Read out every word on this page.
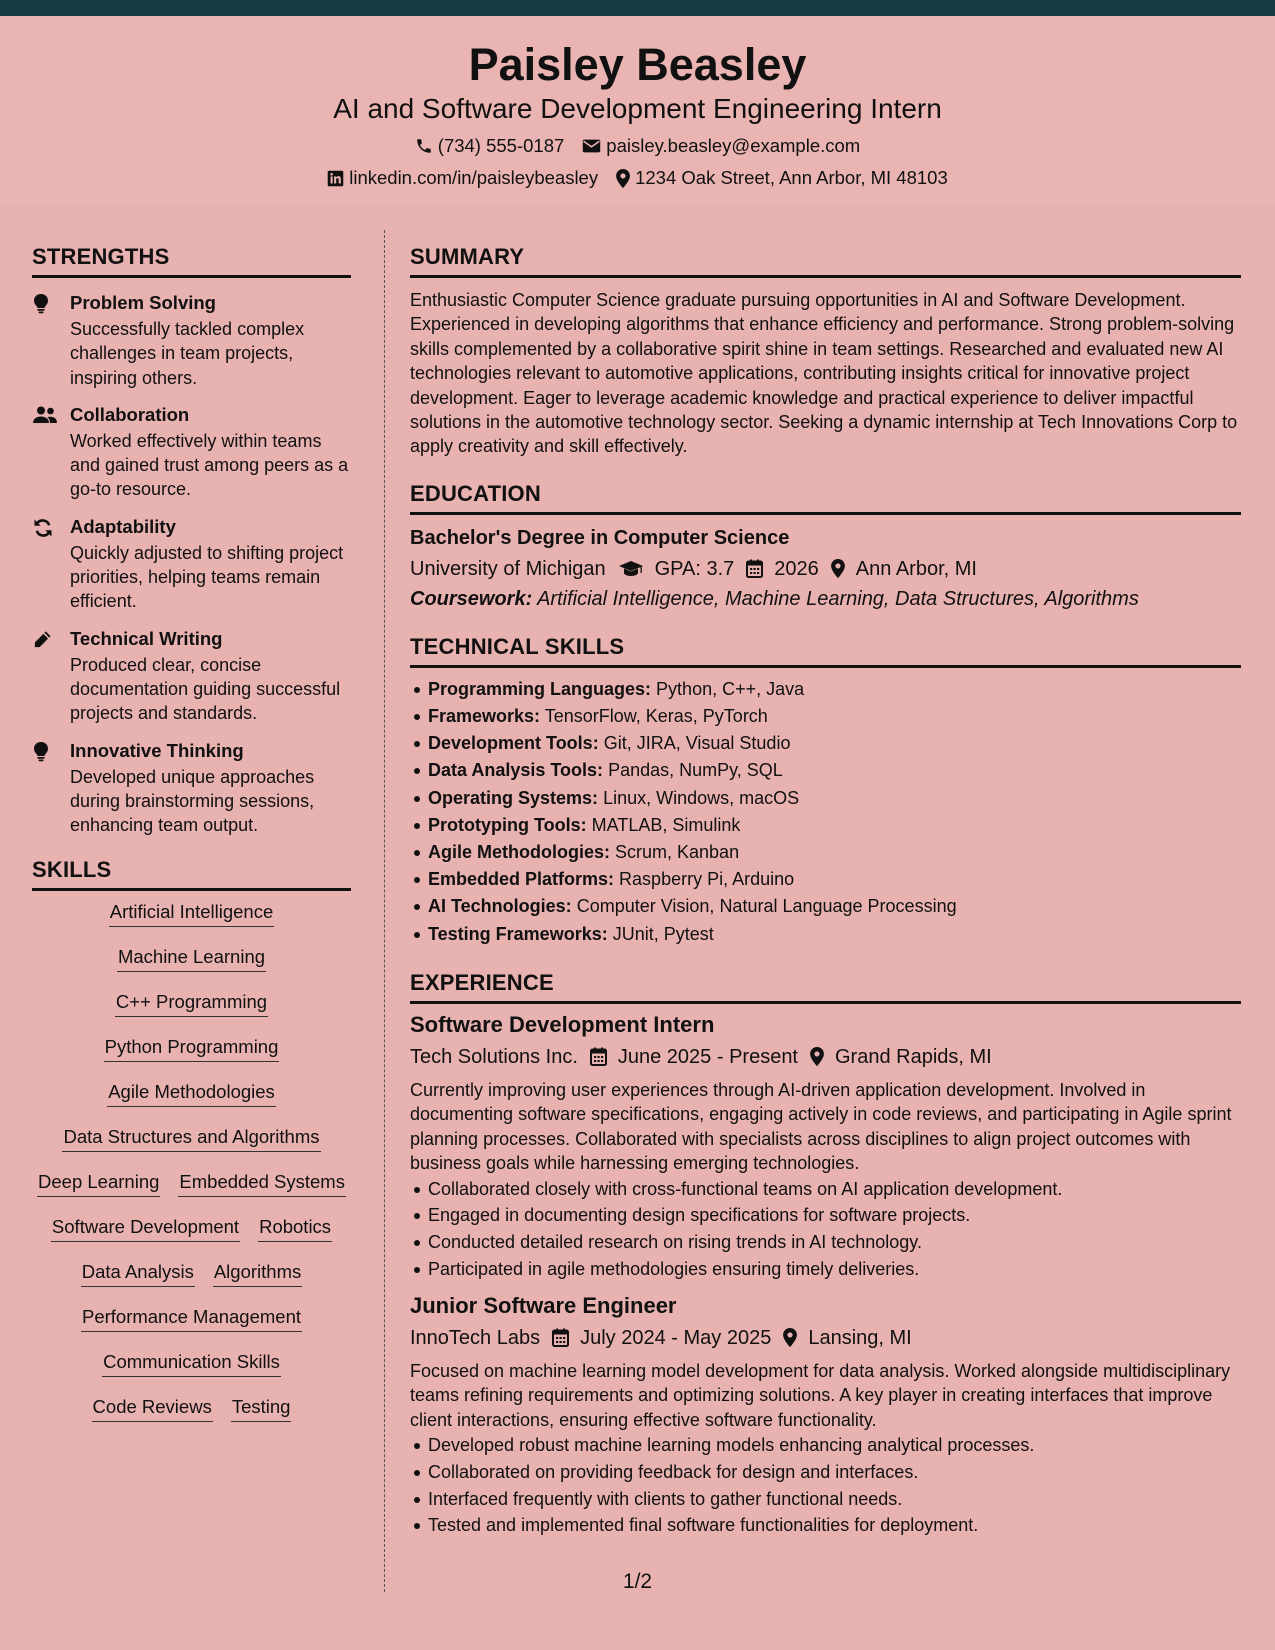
Paisley Beasley
AI and Software Development Engineering Intern
(734) 555-0187 paisley.beasley@example.com
linkedin.com/in/paisleybeasley 1234 Oak Street, Ann Arbor, MI 48103
STRENGTHS
Problem Solving
Successfully tackled complex challenges in team projects, inspiring others.
Collaboration
Worked effectively within teams and gained trust among peers as a go-to resource.
Adaptability
Quickly adjusted to shifting project priorities, helping teams remain efficient.
Technical Writing
Produced clear, concise documentation guiding successful projects and standards.
Innovative Thinking
Developed unique approaches during brainstorming sessions, enhancing team output.
SKILLS
Artificial Intelligence
Machine Learning
C++ Programming
Python Programming
Agile Methodologies
Data Structures and Algorithms
Deep Learning Embedded Systems
Software Development Robotics
Data Analysis Algorithms
Performance Management
Communication Skills
Code Reviews Testing
SUMMARY
Enthusiastic Computer Science graduate pursuing opportunities in AI and Software Development. Experienced in developing algorithms that enhance efficiency and performance. Strong problem-solving skills complemented by a collaborative spirit shine in team settings. Researched and evaluated new AI technologies relevant to automotive applications, contributing insights critical for innovative project development. Eager to leverage academic knowledge and practical experience to deliver impactful solutions in the automotive technology sector. Seeking a dynamic internship at Tech Innovations Corp to apply creativity and skill effectively.
EDUCATION
Bachelor's Degree in Computer Science
University of Michigan GPA: 3.7 2026 Ann Arbor, MI
Coursework: Artificial Intelligence, Machine Learning, Data Structures, Algorithms
TECHNICAL SKILLS
Programming Languages: Python, C++, Java
Frameworks: TensorFlow, Keras, PyTorch
Development Tools: Git, JIRA, Visual Studio
Data Analysis Tools: Pandas, NumPy, SQL
Operating Systems: Linux, Windows, macOS
Prototyping Tools: MATLAB, Simulink
Agile Methodologies: Scrum, Kanban
Embedded Platforms: Raspberry Pi, Arduino
AI Technologies: Computer Vision, Natural Language Processing
Testing Frameworks: JUnit, Pytest
EXPERIENCE
Software Development Intern
Tech Solutions Inc. June 2025 - Present Grand Rapids, MI
Currently improving user experiences through AI-driven application development. Involved in documenting software specifications, engaging actively in code reviews, and participating in Agile sprint planning processes. Collaborated with specialists across disciplines to align project outcomes with business goals while harnessing emerging technologies.
Collaborated closely with cross-functional teams on AI application development.
Engaged in documenting design specifications for software projects.
Conducted detailed research on rising trends in AI technology.
Participated in agile methodologies ensuring timely deliveries.
Junior Software Engineer
InnoTech Labs July 2024 - May 2025 Lansing, MI
Focused on machine learning model development for data analysis. Worked alongside multidisciplinary teams refining requirements and optimizing solutions. A key player in creating interfaces that improve client interactions, ensuring effective software functionality.
Developed robust machine learning models enhancing analytical processes.
Collaborated on providing feedback for design and interfaces.
Interfaced frequently with clients to gather functional needs.
Tested and implemented final software functionalities for deployment.
1/2
